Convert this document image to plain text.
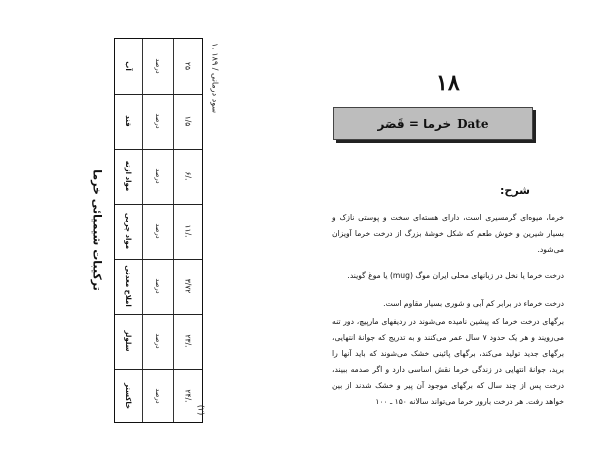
ترکیبات شیمیائی خرما
آب	درصد	۲۵
قند	درصد	۱/۵
مواد ازته	درصد	۶/.
مواد چربی	درصد	۱۱/.
املاح معدنی	درصد	۳/۷۲
سلولز	درصد	۲۳/.
خاکستر	درصد	۲۴/.
۱. سود درمانی / ۱۸۹
(۲)
۱۸
خرما = قَصَر Date
شرح:
خرما، میوه‌ای گرمسیری است، دارای هسته‌ای سخت و پوستی نازک و بسیار شیرین و خوش طعم که شکل خوشهٔ بزرگ از درخت خرما آویزان می‌شود.
درخت خرما یا نخل در زبانهای محلی ایران موگ (mug) یا موغ گویند.
درخت خرماء در برابر کم آبی و شوری بسیار مقاوم است.
برگهای درخت خرما که پیشین نامیده می‌شوند در ردیفهای مارپیچ، دور تنه می‌رویند و هر یک حدود ۷ سال عمر می‌کنند و به تدریج که جوانهٔ انتهایی، برگهای جدید تولید می‌کند، برگهای پائینی خشک می‌شوند که باید آنها را برید، جوانهٔ انتهایی در زندگی خرما نقش اساسی دارد و اگر صدمه ببیند، درخت پس از چند سال که برگهای موجود آن پیر و خشک شدند از بین خواهد رفت. هر درخت بارور خرما می‌تواند سالانه ۱۵۰ ـ ۱۰۰
